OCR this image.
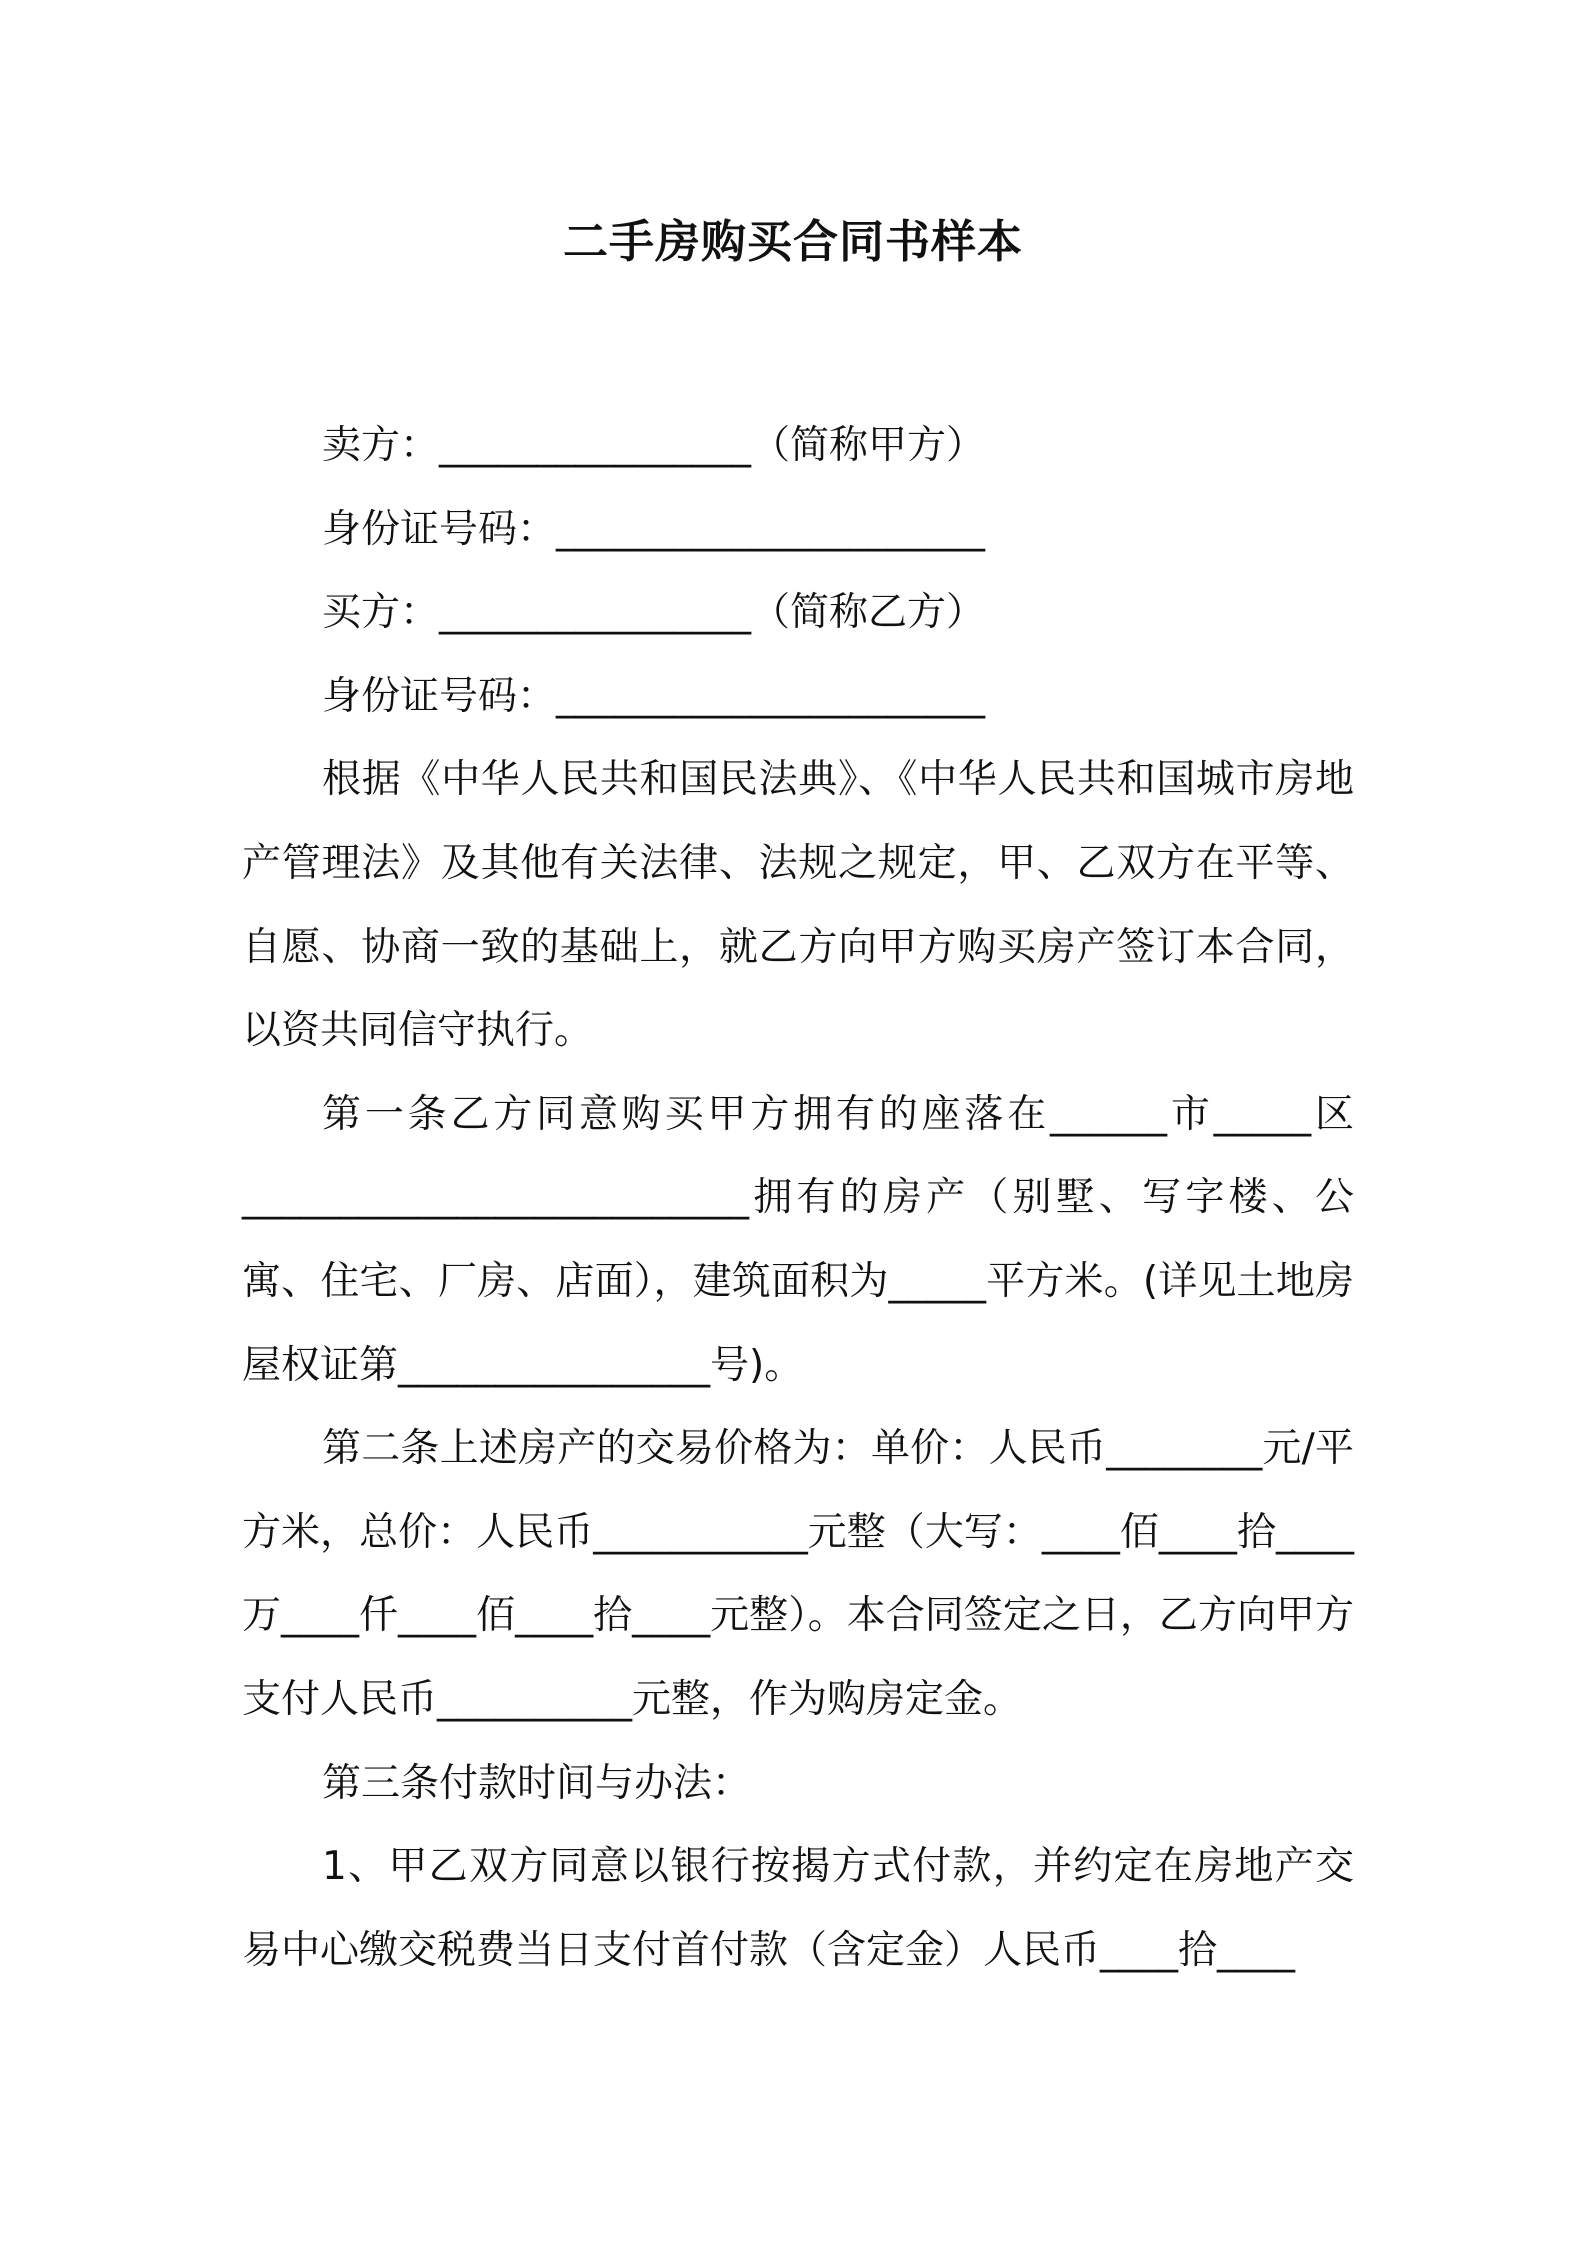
二手房购买合同书样本
卖方：________________（简称甲方）
身份证号码：______________________
买方：________________（简称乙方）
身份证号码：______________________
根据《中华人民共和国民法典》、《中华人民共和国城市房地产管理法》及其他有关法律、法规之规定，甲、乙双方在平等、自愿、协商一致的基础上，就乙方向甲方购买房产签订本合同，以资共同信守执行。
第一条乙方同意购买甲方拥有的座落在______市_____区__________________________拥有的房产（别墅、写字楼、公寓、住宅、厂房、店面），建筑面积为_____平方米。(详见土地房屋权证第________________号)。
第二条上述房产的交易价格为：单价：人民币________元/平方米，总价：人民币___________元整（大写：____佰____拾____万____仟____佰____拾____元整）。本合同签定之日，乙方向甲方支付人民币__________元整，作为购房定金。
第三条付款时间与办法：
1、甲乙双方同意以银行按揭方式付款，并约定在房地产交易中心缴交税费当日支付首付款（含定金）人民币____拾____
